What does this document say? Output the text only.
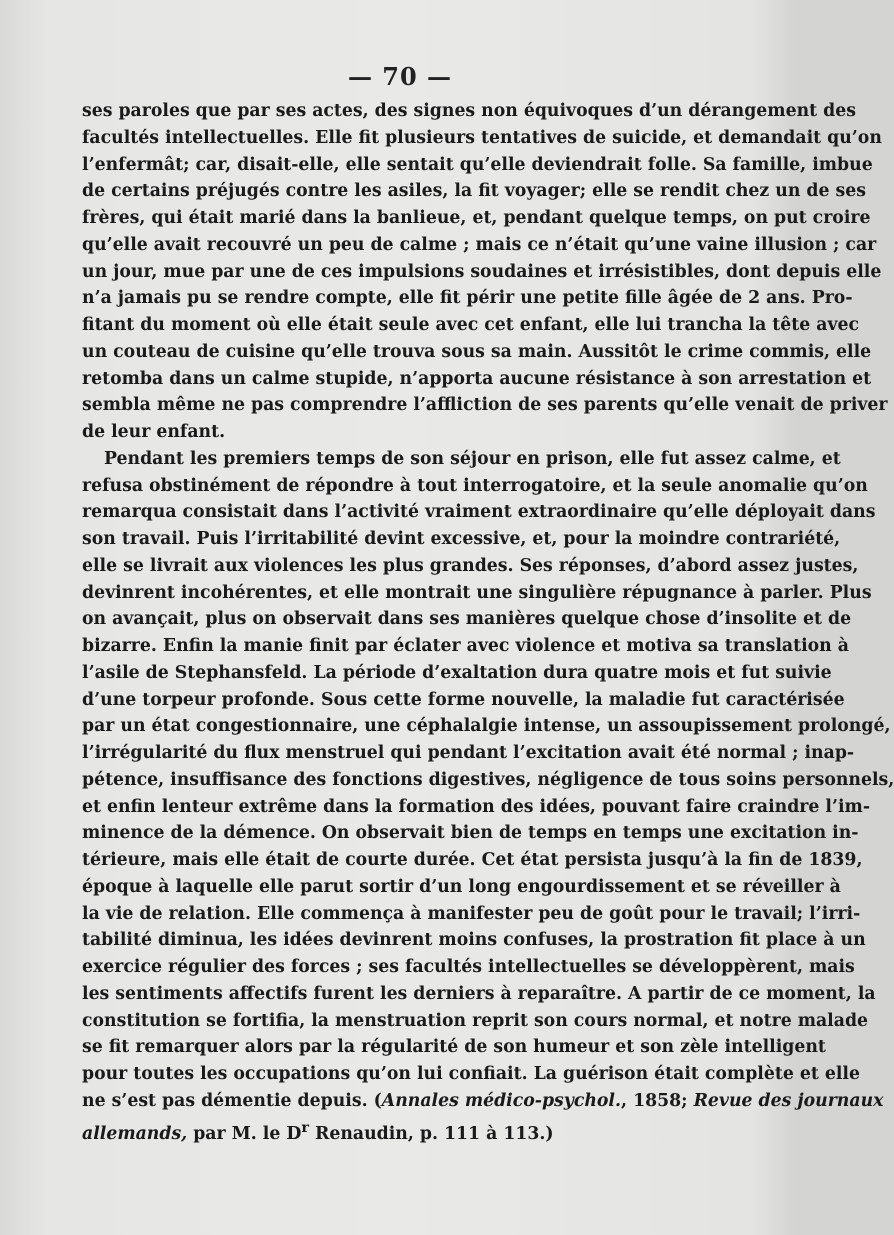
— 70 —
ses paroles que par ses actes, des signes non équivoques d’un dérangement des
facultés intellectuelles. Elle fit plusieurs tentatives de suicide, et demandait qu’on
l’enfermât; car, disait-elle, elle sentait qu’elle deviendrait folle. Sa famille, imbue
de certains préjugés contre les asiles, la fit voyager; elle se rendit chez un de ses
frères, qui était marié dans la banlieue, et, pendant quelque temps, on put croire
qu’elle avait recouvré un peu de calme ; mais ce n’était qu’une vaine illusion ; car
un jour, mue par une de ces impulsions soudaines et irrésistibles, dont depuis elle
n’a jamais pu se rendre compte, elle fit périr une petite fille âgée de 2 ans. Pro-
fitant du moment où elle était seule avec cet enfant, elle lui trancha la tête avec
un couteau de cuisine qu’elle trouva sous sa main. Aussitôt le crime commis, elle
retomba dans un calme stupide, n’apporta aucune résistance à son arrestation et
sembla même ne pas comprendre l’affliction de ses parents qu’elle venait de priver
de leur enfant.
Pendant les premiers temps de son séjour en prison, elle fut assez calme, et
refusa obstinément de répondre à tout interrogatoire, et la seule anomalie qu’on
remarqua consistait dans l’activité vraiment extraordinaire qu’elle déployait dans
son travail. Puis l’irritabilité devint excessive, et, pour la moindre contrariété,
elle se livrait aux violences les plus grandes. Ses réponses, d’abord assez justes,
devinrent incohérentes, et elle montrait une singulière répugnance à parler. Plus
on avançait, plus on observait dans ses manières quelque chose d’insolite et de
bizarre. Enfin la manie finit par éclater avec violence et motiva sa translation à
l’asile de Stephansfeld. La période d’exaltation dura quatre mois et fut suivie
d’une torpeur profonde. Sous cette forme nouvelle, la maladie fut caractérisée
par un état congestionnaire, une céphalalgie intense, un assoupissement prolongé,
l’irrégularité du flux menstruel qui pendant l’excitation avait été normal ; inap-
pétence, insuffisance des fonctions digestives, négligence de tous soins personnels,
et enfin lenteur extrême dans la formation des idées, pouvant faire craindre l’im-
minence de la démence. On observait bien de temps en temps une excitation in-
térieure, mais elle était de courte durée. Cet état persista jusqu’à la fin de 1839,
époque à laquelle elle parut sortir d’un long engourdissement et se réveiller à
la vie de relation. Elle commença à manifester peu de goût pour le travail; l’irri-
tabilité diminua, les idées devinrent moins confuses, la prostration fit place à un
exercice régulier des forces ; ses facultés intellectuelles se développèrent, mais
les sentiments affectifs furent les derniers à reparaître. A partir de ce moment, la
constitution se fortifia, la menstruation reprit son cours normal, et notre malade
se fit remarquer alors par la régularité de son humeur et son zèle intelligent
pour toutes les occupations qu’on lui confiait. La guérison était complète et elle
ne s’est pas démentie depuis. (Annales médico-psychol., 1858; Revue des journaux
allemands, par M. le $D^r$ Renaudin, p. 111 à 113.)
